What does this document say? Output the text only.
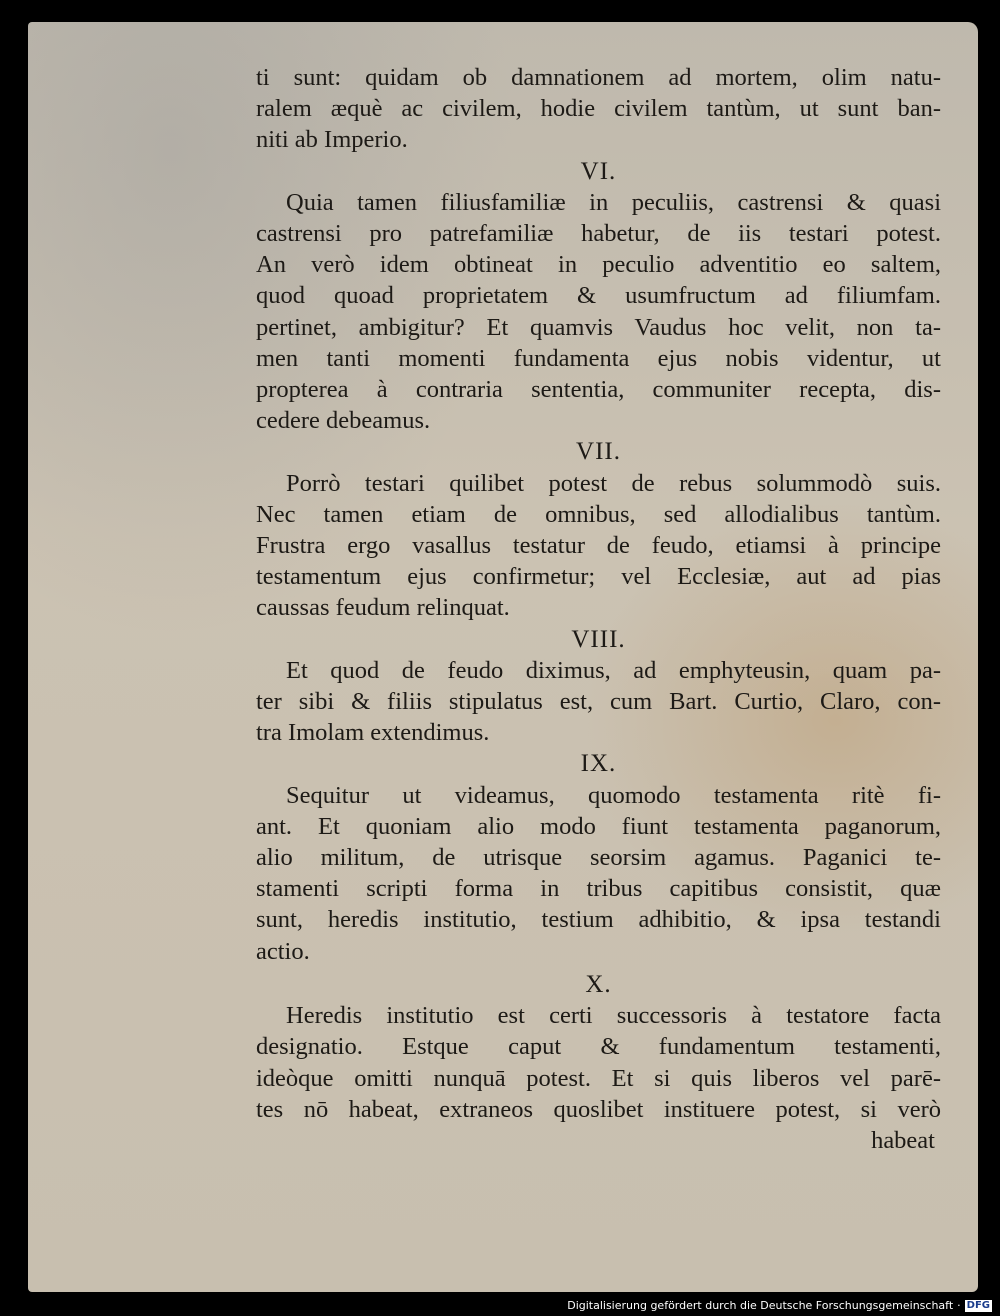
ti sunt: quidam ob damnationem ad mortem, olim natu-
ralem æquè ac civilem, hodie civilem tantùm, ut sunt ban-
niti ab Imperio.
VI.
Quia tamen filiusfamiliæ in peculiis, castrensi & quasi
castrensi pro patrefamiliæ habetur, de iis testari potest.
An verò idem obtineat in peculio adventitio eo saltem,
quod quoad proprietatem & usumfructum ad filiumfam.
pertinet, ambigitur? Et quamvis Vaudus hoc velit, non ta-
men tanti momenti fundamenta ejus nobis videntur, ut
propterea à contraria sententia, communiter recepta, dis-
cedere debeamus.
VII.
Porrò testari quilibet potest de rebus solummodò suis.
Nec tamen etiam de omnibus, sed allodialibus tantùm.
Frustra ergo vasallus testatur de feudo, etiamsi à principe
testamentum ejus confirmetur; vel Ecclesiæ, aut ad pias
caussas feudum relinquat.
VIII.
Et quod de feudo diximus, ad emphyteusin, quam pa-
ter sibi & filiis stipulatus est, cum Bart. Curtio, Claro, con-
tra Imolam extendimus.
IX.
Sequitur ut videamus, quomodo testamenta ritè fi-
ant. Et quoniam alio modo fiunt testamenta paganorum,
alio militum, de utrisque seorsim agamus. Paganici te-
stamenti scripti forma in tribus capitibus consistit, quæ
sunt, heredis institutio, testium adhibitio, & ipsa testandi
actio.
X.
Heredis institutio est certi successoris à testatore facta
designatio. Estque caput & fundamentum testamenti,
ideòque omitti nunquā potest. Et si quis liberos vel parē-
tes nō habeat, extraneos quoslibet instituere potest, si verò
habeat
Digitalisierung gefördert durch die Deutsche Forschungsgemeinschaft · DFG
